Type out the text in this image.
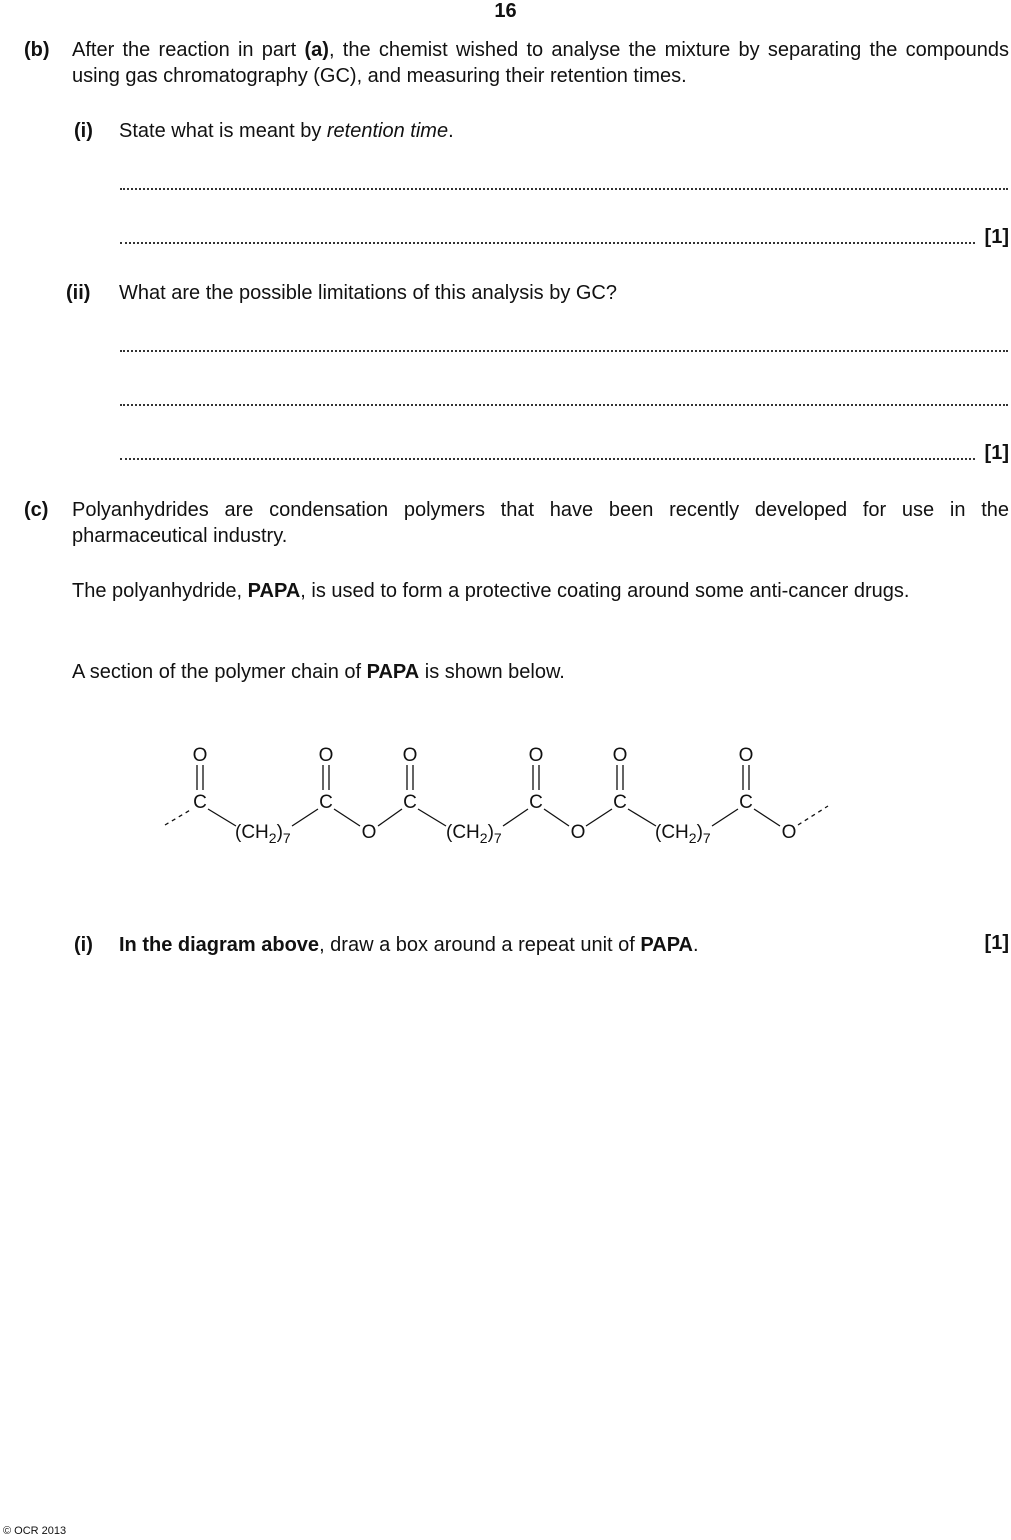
16
(b) After the reaction in part (a), the chemist wished to analyse the mixture by separating the compounds using gas chromatography (GC), and measuring their retention times.
(i) State what is meant by retention time.
[1]
(ii) What are the possible limitations of this analysis by GC?
[1]
(c) Polyanhydrides are condensation polymers that have been recently developed for use in the pharmaceutical industry.
The polyanhydride, PAPA, is used to form a protective coating around some anti-cancer drugs.
A section of the polymer chain of PAPA is shown below.
O	O	O	O	O	O
C	C	C	C	C	C
O	O	O
$(CH_2)_7$	$(CH_2)_7$	$(CH_2)_7$
(i) In the diagram above, draw a box around a repeat unit of PAPA.	[1]
© OCR 2013
